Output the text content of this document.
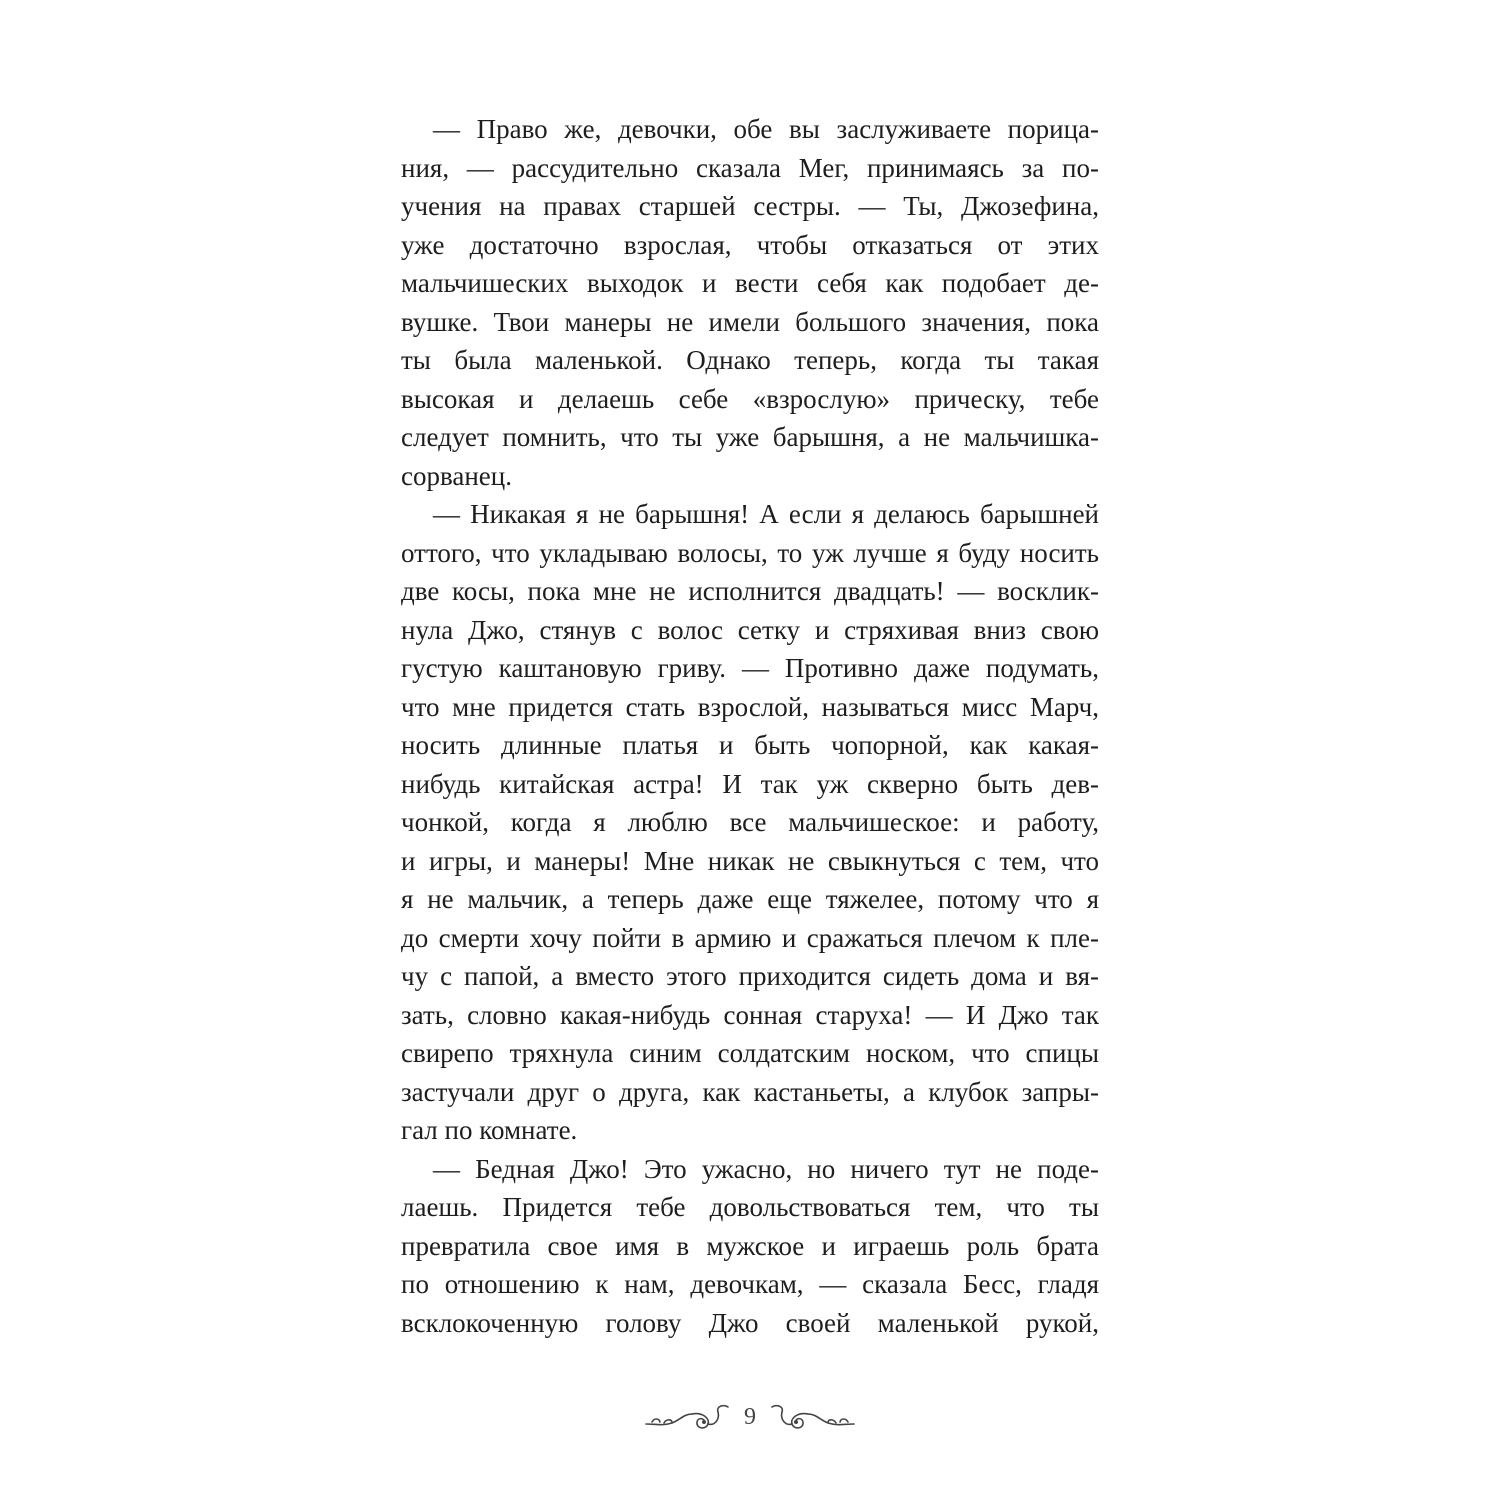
— Право же, девочки, обе вы заслуживаете порица-
ния, — рассудительно сказала Мег, принимаясь за по-
учения на правах старшей сестры. — Ты, Джозефина,
уже достаточно взрослая, чтобы отказаться от этих
мальчишеских выходок и вести себя как подобает де-
вушке. Твои манеры не имели большого значения, пока
ты была маленькой. Однако теперь, когда ты такая
высокая и делаешь себе «взрослую» прическу, тебе
следует помнить, что ты уже барышня, а не мальчишка-
сорванец.
— Никакая я не барышня! А если я делаюсь барышней
оттого, что укладываю волосы, то уж лучше я буду носить
две косы, пока мне не исполнится двадцать! — восклик-
нула Джо, стянув с волос сетку и стряхивая вниз свою
густую каштановую гриву. — Противно даже подумать,
что мне придется стать взрослой, называться мисс Марч,
носить длинные платья и быть чопорной, как какая-
нибудь китайская астра! И так уж скверно быть дев-
чонкой, когда я люблю все мальчишеское: и работу,
и игры, и манеры! Мне никак не свыкнуться с тем, что
я не мальчик, а теперь даже еще тяжелее, потому что я
до смерти хочу пойти в армию и сражаться плечом к пле-
чу с папой, а вместо этого приходится сидеть дома и вя-
зать, словно какая-нибудь сонная старуха! — И Джо так
свирепо тряхнула синим солдатским носком, что спицы
застучали друг о друга, как кастаньеты, а клубок запры-
гал по комнате.
— Бедная Джо! Это ужасно, но ничего тут не поде-
лаешь. Придется тебе довольствоваться тем, что ты
превратила свое имя в мужское и играешь роль брата
по отношению к нам, девочкам, — сказала Бесс, гладя
всклокоченную голову Джо своей маленькой рукой,
9
